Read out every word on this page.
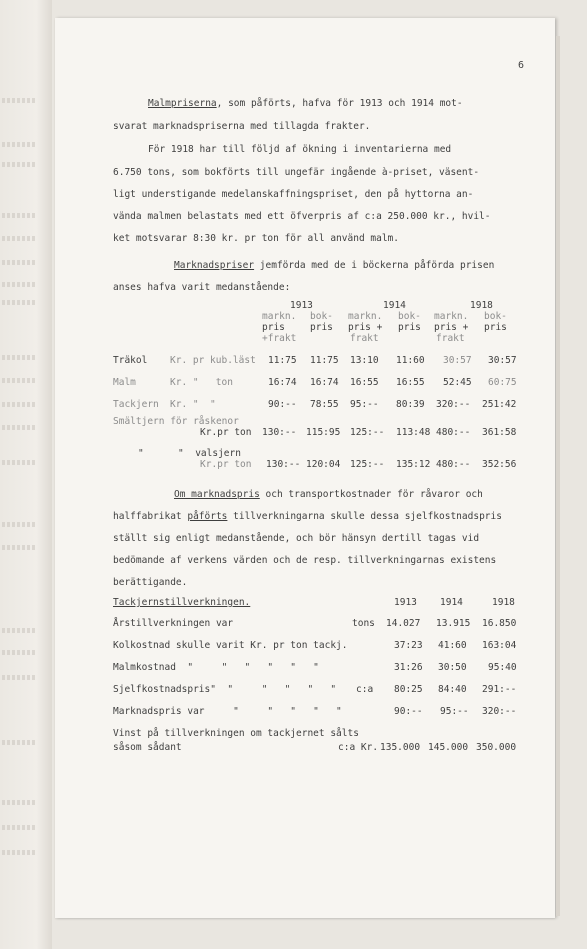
6
Malmpriserna, som påförts, hafva för 1913 och 1914 mot-
svarat marknadspriserna med tillagda frakter.
För 1918 har till följd af ökning i inventarierna med
6.750 tons, som bokförts till ungefär ingående à-priset, väsent-
ligt understigande medelanskaffningspriset, den på hyttorna an-
vända malmen belastats med ett öfverpris af c:a 250.000 kr., hvil-
ket motsvarar 8:30 kr. pr ton för all använd malm.
Marknadspriser jemförda med de i böckerna påförda prisen
anses hafva varit medanstående:
1913	1914	1918
markn. bok- markn. bok- markn. bok-
pris	pris pris + pris pris + pris
+frakt	frakt	frakt
Träkol Kr. pr kub.läst 11:75 11:75 13:10 11:60 30:57 30:57
Malm	Kr. "   ton	16:74 16:74 16:55 16:55 52:45 60:75
Tackjern Kr. "  "	90:-- 78:55 95:-- 80:39 320:-- 251:42
Smältjern för råskenor
Kr.pr ton 130:-- 115:95 125:-- 113:48 480:-- 361:58
"      "  valsjern
Kr.pr ton 130:-- 120:04 125:-- 135:12 480:-- 352:56
Om marknadspris och transportkostnader för råvaror och
halffabrikat påförts tillverkningarna skulle dessa sjelfkostnadspris
ställt sig enligt medanstående, och bör hänsyn dertill tagas vid
bedömande af verkens värden och de resp. tillverkningarnas existens
berättigande.
Tackjernstillverkningen.	1913 1914	1918
Årstillverkningen var	tons 14.027 13.915 16.850
Kolkostnad skulle varit Kr. pr ton tackj.	37:23 41:60 163:04
Malmkostnad  "     "   "   "   "   "	31:26 30:50 95:40
Sjelfkostnadspris"  "     "   "   "   " c:a 80:25 84:40 291:--
Marknadspris var     "     "   "   "   "	90:-- 95:-- 320:--
Vinst på tillverkningen om tackjernet sålts
såsom sådant	c:a Kr. 135.000 145.000 350.000
